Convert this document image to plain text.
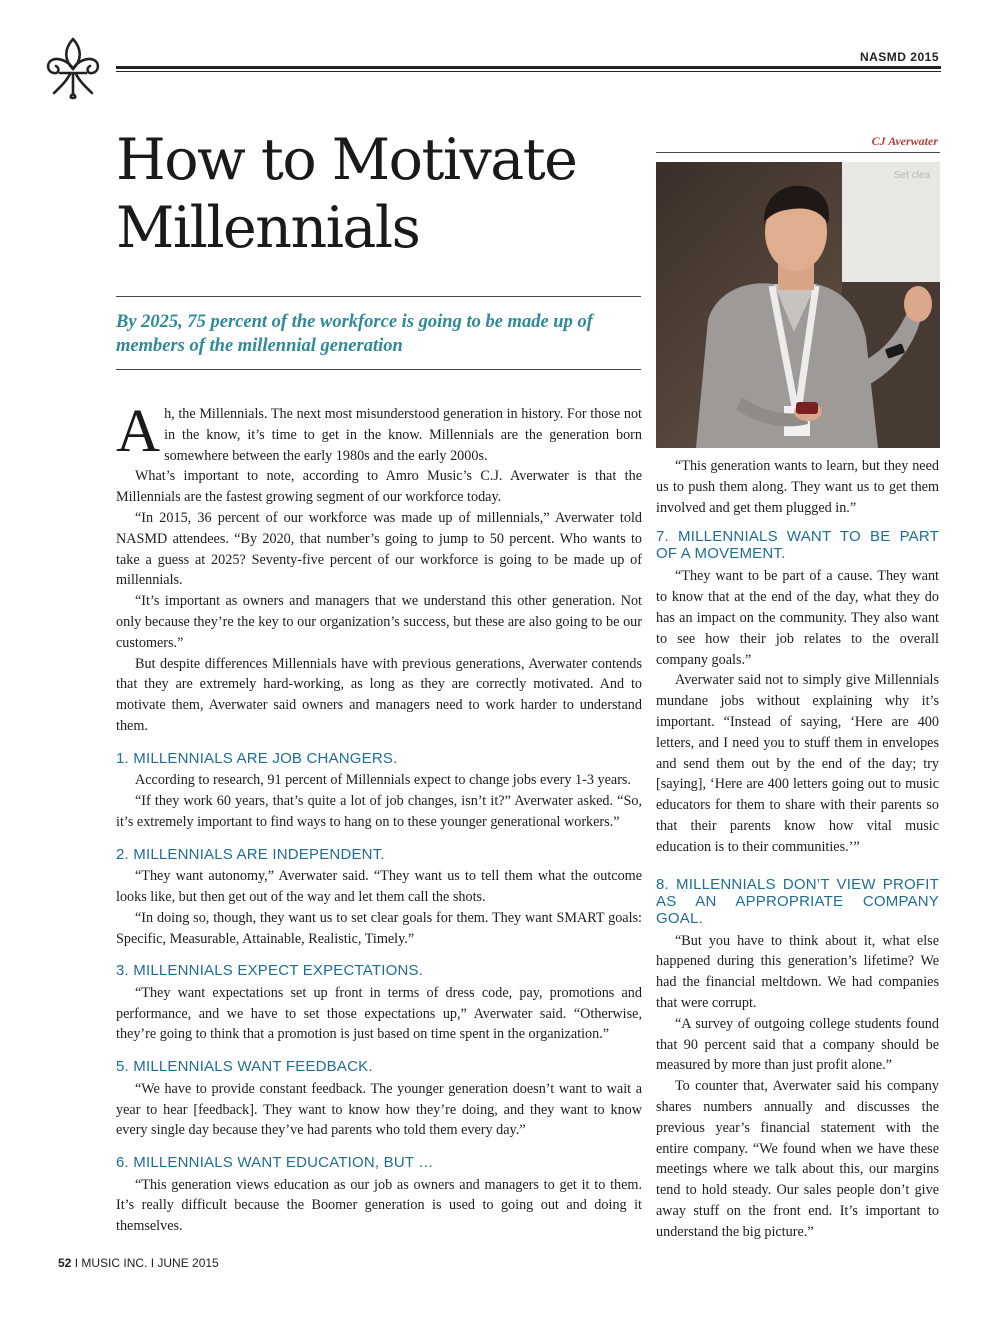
NASMD 2015
How to Motivate
Millennials
By 2025, 75 percent of the workforce is going to be made up of members of the millennial generation

Ah, the Millennials. The next most misunderstood generation in history. For those not in the know, it’s time to get in the know. Millennials are the generation born somewhere between the early 1980s and the early 2000s.

What’s important to note, according to Amro Music’s C.J. Averwater is that the Millennials are the fastest growing segment of our workforce today.

“In 2015, 36 percent of our workforce was made up of millennials,” Averwater told NASMD attendees. “By 2020, that number’s going to jump to 50 percent. Who wants to take a guess at 2025? Seventy-five percent of our workforce is going to be made up of millennials.

“It’s important as owners and managers that we understand this other generation. Not only because they’re the key to our organization’s success, but these are also going to be our customers.”

But despite differences Millennials have with previous generations, Averwater contends that they are extremely hard-working, as long as they are correctly motivated. And to motivate them, Averwater said owners and managers need to work harder to understand them.

1. MILLENNIALS ARE JOB CHANGERS.

According to research, 91 percent of Millennials expect to change jobs every 1-3 years.

“If they work 60 years, that’s quite a lot of job changes, isn’t it?” Averwater asked. “So, it’s extremely important to find ways to hang on to these younger generational workers.”

2. MILLENNIALS ARE INDEPENDENT.

“They want autonomy,” Averwater said. “They want us to tell them what the outcome looks like, but then get out of the way and let them call the shots.

“In doing so, though, they want us to set clear goals for them. They want SMART goals: Specific, Measurable, Attainable, Realistic, Timely.”

3. MILLENNIALS EXPECT EXPECTATIONS.

“They want expectations set up front in terms of dress code, pay, promotions and performance, and we have to set those expectations up,” Averwater said. “Otherwise, they’re going to think that a promotion is just based on time spent in the organization.”

5. MILLENNIALS WANT FEEDBACK.

“We have to provide constant feedback. The younger generation doesn’t want to wait a year to hear [feedback]. They want to know how they’re doing, and they want to know every single day because they’ve had parents who told them every day.”

6. MILLENNIALS WANT EDUCATION, BUT …

“This generation views education as our job as owners and managers to get it to them. It’s really difficult because the Boomer generation is used to going out and doing it themselves.

CJ Averwater
Set clea

“This generation wants to learn, but they need us to push them along. They want us to get them involved and get them plugged in.”

7. MILLENNIALS WANT TO BE PART OF A MOVEMENT.

“They want to be part of a cause. They want to know that at the end of the day, what they do has an impact on the community. They also want to see how their job relates to the overall company goals.”

Averwater said not to simply give Millennials mundane jobs without explaining why it’s important. “Instead of saying, ‘Here are 400 letters, and I need you to stuff them in envelopes and send them out by the end of the day; try [saying], ‘Here are 400 letters going out to music educators for them to share with their parents so that their parents know how vital music education is to their communities.’”

8. MILLENNIALS DON’T VIEW PROFIT AS AN APPROPRIATE COMPANY GOAL.

“But you have to think about it, what else happened during this generation’s lifetime? We had the financial meltdown. We had companies that were corrupt.

“A survey of outgoing college students found that 90 percent said that a company should be measured by more than just profit alone.”

To counter that, Averwater said his company shares numbers annually and discusses the previous year’s financial statement with the entire company. “We found when we have these meetings where we talk about this, our margins tend to hold steady. Our sales people don’t give away stuff on the front end. It’s important to understand the big picture.”

52 I MUSIC INC. I JUNE 2015
